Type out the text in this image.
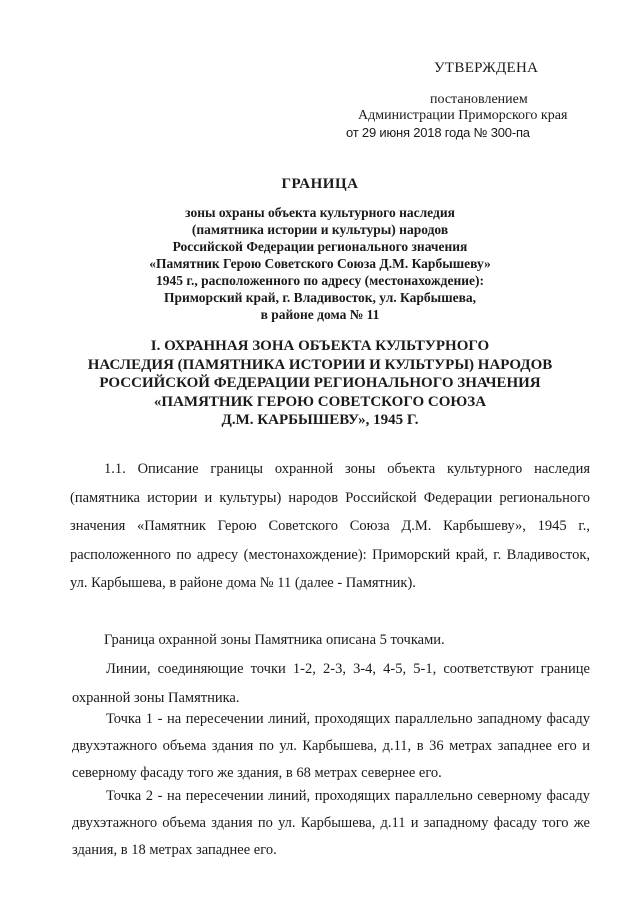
УТВЕРЖДЕНА
постановлением
Администрации Приморского края
от 29 июня 2018 года № 300-па
ГРАНИЦА
зоны охраны объекта культурного наследия
(памятника истории и культуры) народов
Российской Федерации регионального значения
«Памятник Герою Советского Союза Д.М. Карбышеву»
1945 г., расположенного по адресу (местонахождение):
Приморский край, г. Владивосток, ул. Карбышева,
в районе дома № 11
I. ОХРАННАЯ ЗОНА ОБЪЕКТА КУЛЬТУРНОГО
НАСЛЕДИЯ (ПАМЯТНИКА ИСТОРИИ И КУЛЬТУРЫ) НАРОДОВ
РОССИЙСКОЙ ФЕДЕРАЦИИ РЕГИОНАЛЬНОГО ЗНАЧЕНИЯ
«ПАМЯТНИК ГЕРОЮ СОВЕТСКОГО СОЮЗА
Д.М. КАРБЫШЕВУ», 1945 Г.

1.1. Описание границы охранной зоны объекта культурного наследия (памятника истории и культуры) народов Российской Федерации регионального значения «Памятник Герою Советского Союза Д.М. Карбышеву», 1945 г., расположенного по адресу (местонахождение): Приморский край, г. Владивосток, ул. Карбышева, в районе дома № 11 (далее - Памятник).

Граница охранной зоны Памятника описана 5 точками.

Линии, соединяющие точки 1-2, 2-3, 3-4, 4-5, 5-1, соответствуют границе охранной зоны Памятника.

Точка 1 - на пересечении линий, проходящих параллельно западному фасаду двухэтажного объема здания по ул. Карбышева, д.11, в 36 метрах западнее его и северному фасаду того же здания, в 68 метрах севернее его.

Точка 2 - на пересечении линий, проходящих параллельно северному фасаду двухэтажного объема здания по ул. Карбышева, д.11 и западному фасаду того же здания, в 18 метрах западнее его.
